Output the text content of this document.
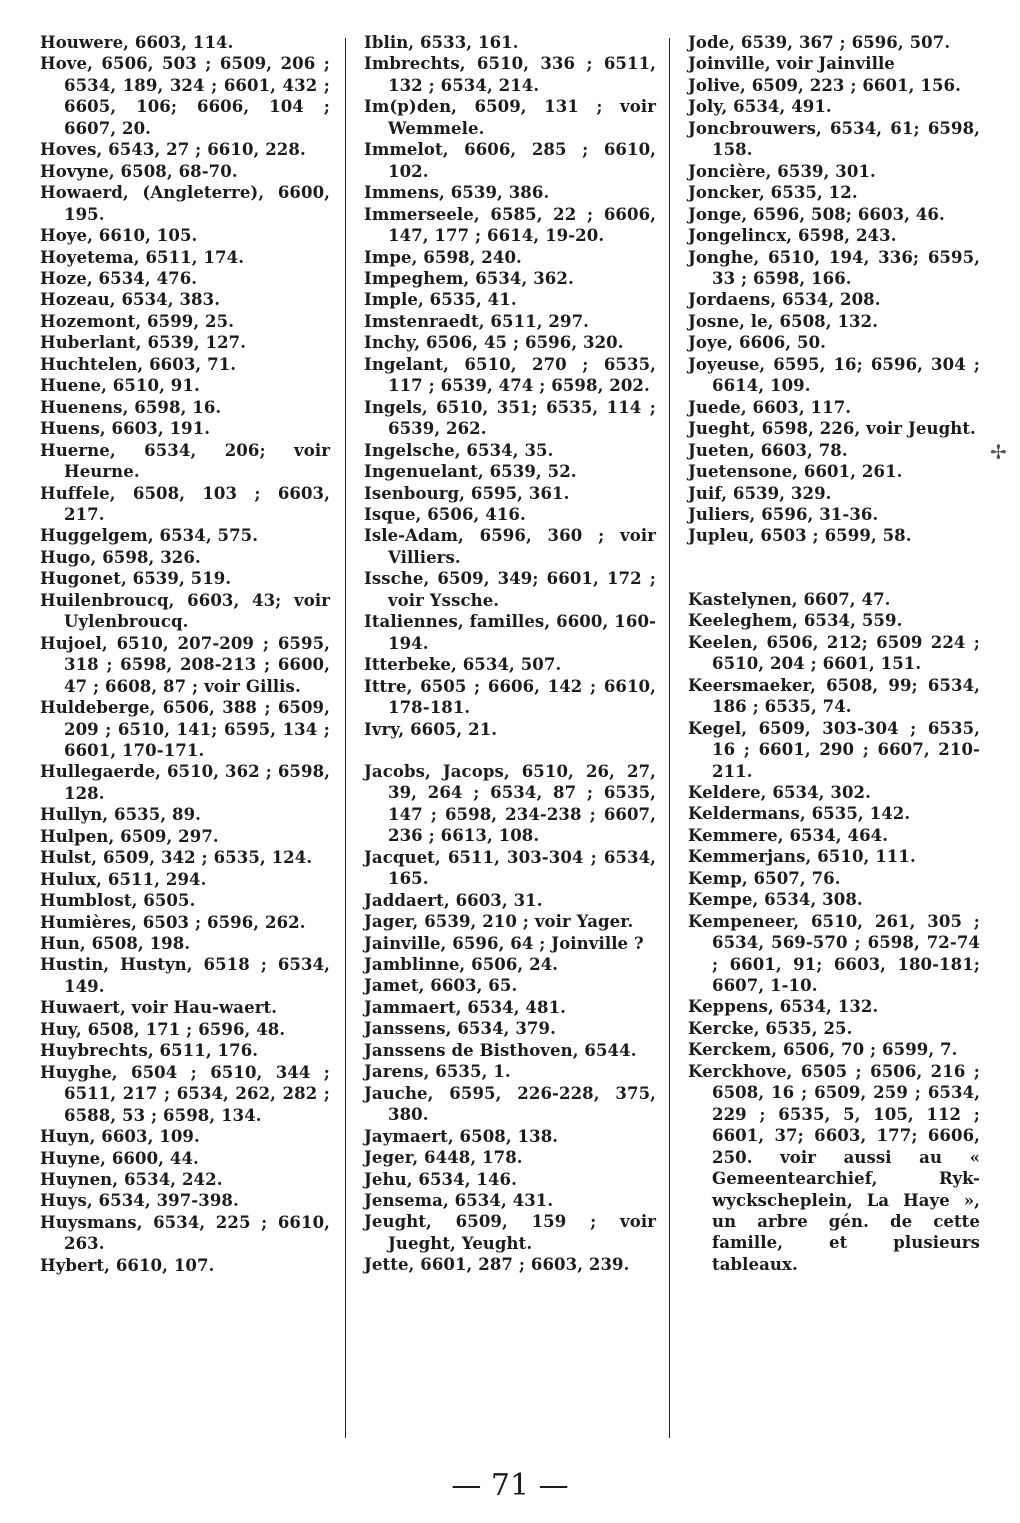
Houwere, 6603, 114.

Hove, 6506, 503 ; 6509, 206 ; 6534, 189, 324 ; 6601, 432 ; 6605, 106; 6606, 104 ; 6607, 20.

Hoves, 6543, 27 ; 6610, 228.

Hovyne, 6508, 68-70.

Howaerd, (Angleterre), 6600, 195.

Hoye, 6610, 105.

Hoyetema, 6511, 174.

Hoze, 6534, 476.

Hozeau, 6534, 383.

Hozemont, 6599, 25.

Huberlant, 6539, 127.

Huchtelen, 6603, 71.

Huene, 6510, 91.

Huenens, 6598, 16.

Huens, 6603, 191.

Huerne, 6534, 206; voir Heurne.

Huffele, 6508, 103 ; 6603, 217.

Huggelgem, 6534, 575.

Hugo, 6598, 326.

Hugonet, 6539, 519.

Huilenbroucq, 6603, 43; voir Uylenbroucq.

Hujoel, 6510, 207-209 ; 6595, 318 ; 6598, 208-213 ; 6600, 47 ; 6608, 87 ; voir Gillis.

Huldeberge, 6506, 388 ; 6509, 209 ; 6510, 141; 6595, 134 ; 6601, 170-171.

Hullegaerde, 6510, 362 ; 6598, 128.

Hullyn, 6535, 89.

Hulpen, 6509, 297.

Hulst, 6509, 342 ; 6535, 124.

Hulux, 6511, 294.

Humblost, 6505.

Humières, 6503 ; 6596, 262.

Hun, 6508, 198.

Hustin, Hustyn, 6518 ; 6534, 149.

Huwaert, voir Hau-waert.

Huy, 6508, 171 ; 6596, 48.

Huybrechts, 6511, 176.

Huyghe, 6504 ; 6510, 344 ; 6511, 217 ; 6534, 262, 282 ; 6588, 53 ; 6598, 134.

Huyn, 6603, 109.

Huyne, 6600, 44.

Huynen, 6534, 242.

Huys, 6534, 397-398.

Huysmans, 6534, 225 ; 6610, 263.

Hybert, 6610, 107.

Iblin, 6533, 161.

Imbrechts, 6510, 336 ; 6511, 132 ; 6534, 214.

Im(p)den, 6509, 131 ; voir Wemmele.

Immelot, 6606, 285 ; 6610, 102.

Immens, 6539, 386.

Immerseele, 6585, 22 ; 6606, 147, 177 ; 6614, 19-20.

Impe, 6598, 240.

Impeghem, 6534, 362.

Imple, 6535, 41.

Imstenraedt, 6511, 297.

Inchy, 6506, 45 ; 6596, 320.

Ingelant, 6510, 270 ; 6535, 117 ; 6539, 474 ; 6598, 202.

Ingels, 6510, 351; 6535, 114 ; 6539, 262.

Ingelsche, 6534, 35.

Ingenuelant, 6539, 52.

Isenbourg, 6595, 361.

Isque, 6506, 416.

Isle-Adam, 6596, 360 ; voir Villiers.

Issche, 6509, 349; 6601, 172 ; voir Yssche.

Italiennes, familles, 6600, 160-194.

Itterbeke, 6534, 507.

Ittre, 6505 ; 6606, 142 ; 6610, 178-181.

Ivry, 6605, 21.

Jacobs, Jacops, 6510, 26, 27, 39, 264 ; 6534, 87 ; 6535, 147 ; 6598, 234-238 ; 6607, 236 ; 6613, 108.

Jacquet, 6511, 303-304 ; 6534, 165.

Jaddaert, 6603, 31.

Jager, 6539, 210 ; voir Yager.

Jainville, 6596, 64 ; Joinville ?

Jamblinne, 6506, 24.

Jamet, 6603, 65.

Jammaert, 6534, 481.

Janssens, 6534, 379.

Janssens de Bisthoven, 6544.

Jarens, 6535, 1.

Jauche, 6595, 226-228, 375, 380.

Jaymaert, 6508, 138.

Jeger, 6448, 178.

Jehu, 6534, 146.

Jensema, 6534, 431.

Jeught, 6509, 159 ; voir Jueght, Yeught.

Jette, 6601, 287 ; 6603, 239.

Jode, 6539, 367 ; 6596, 507.

Joinville, voir Jainville

Jolive, 6509, 223 ; 6601, 156.

Joly, 6534, 491.

Joncbrouwers, 6534, 61; 6598, 158.

Joncière, 6539, 301.

Joncker, 6535, 12.

Jonge, 6596, 508; 6603, 46.

Jongelincx, 6598, 243.

Jonghe, 6510, 194, 336; 6595, 33 ; 6598, 166.

Jordaens, 6534, 208.

Josne, le, 6508, 132.

Joye, 6606, 50.

Joyeuse, 6595, 16; 6596, 304 ; 6614, 109.

Juede, 6603, 117.

Jueght, 6598, 226, voir Jeught.

Jueten, 6603, 78.

Juetensone, 6601, 261.

Juif, 6539, 329.

Juliers, 6596, 31-36.

Jupleu, 6503 ; 6599, 58.

Kastelynen, 6607, 47.

Keeleghem, 6534, 559.

Keelen, 6506, 212; 6509 224 ; 6510, 204 ; 6601, 151.

Keersmaeker, 6508, 99; 6534, 186 ; 6535, 74.

Kegel, 6509, 303-304 ; 6535, 16 ; 6601, 290 ; 6607, 210-211.

Keldere, 6534, 302.

Keldermans, 6535, 142.

Kemmere, 6534, 464.

Kemmerjans, 6510, 111.

Kemp, 6507, 76.

Kempe, 6534, 308.

Kempeneer, 6510, 261, 305 ; 6534, 569-570 ; 6598, 72-74 ; 6601, 91; 6603, 180-181; 6607, 1-10.

Keppens, 6534, 132.

Kercke, 6535, 25.

Kerckem, 6506, 70 ; 6599, 7.

Kerckhove, 6505 ; 6506, 216 ; 6508, 16 ; 6509, 259 ; 6534, 229 ; 6535, 5, 105, 112 ; 6601, 37; 6603, 177; 6606, 250. voir aussi au « Gemeentearchief, Ryk-wyckscheplein, La Haye », un arbre gén. de cette famille, et plusieurs tableaux.

✢
— 71 —
